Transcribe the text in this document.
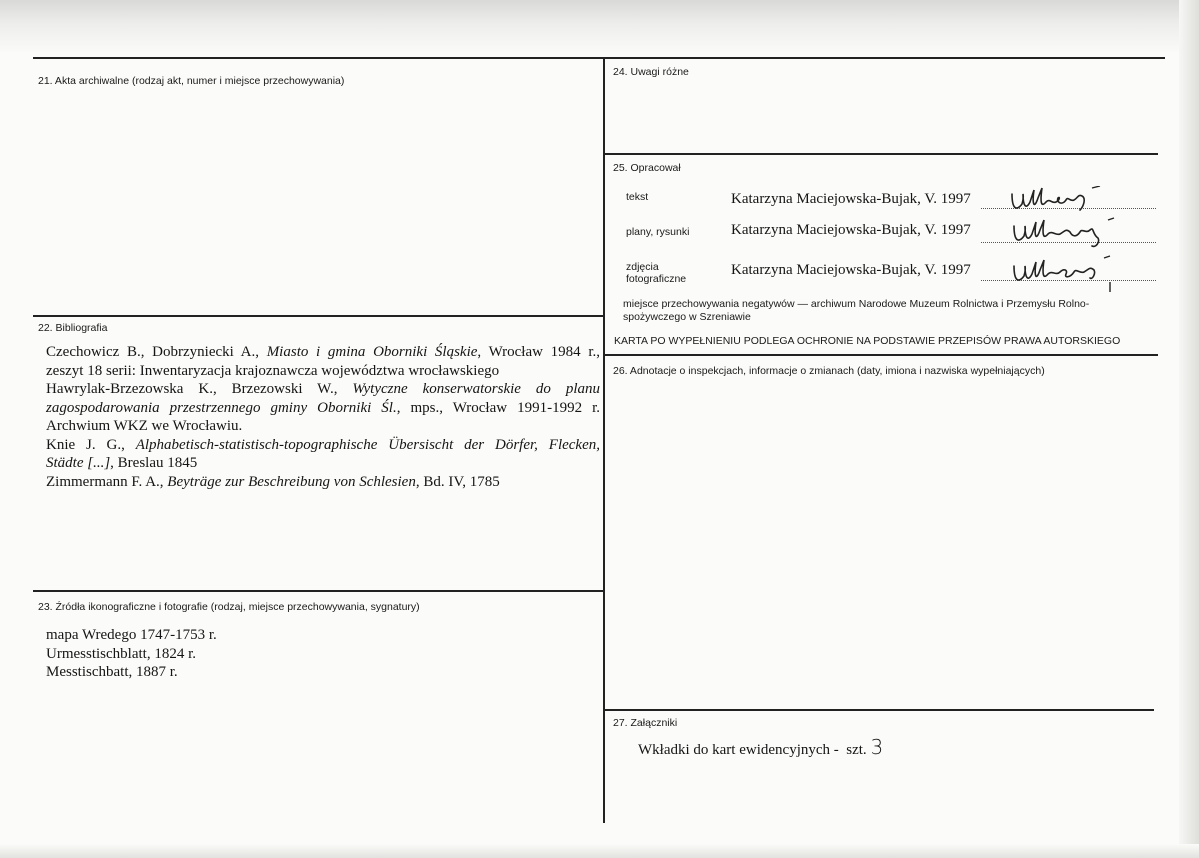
21. Akta archiwalne (rodzaj akt, numer i miejsce przechowywania)
22. Bibliografia
Czechowicz B., Dobrzyniecki A., Miasto i gmina Oborniki Śląskie, Wrocław 1984 r.,
zeszyt 18 serii: Inwentaryzacja krajoznawcza województwa wrocławskiego
Hawrylak-Brzezowska K., Brzezowski W., Wytyczne konserwatorskie do planu
zagospodarowania przestrzennego gminy Oborniki Śl., mps., Wrocław 1991-1992 r.
Archwium WKZ we Wrocławiu.
Knie J. G., Alphabetisch-statistisch-topographische Übersischt der Dörfer, Flecken,
Städte [...], Breslau 1845
Zimmermann F. A., Beyträge zur Beschreibung von Schlesien, Bd. IV, 1785
23. Źródła ikonograficzne i fotografie (rodzaj, miejsce przechowywania, sygnatury)
mapa Wredego 1747-1753 r.
Urmesstischblatt, 1824 r.
Messtischbatt, 1887 r.
24. Uwagi różne
25. Opracował
tekst	Katarzyna Maciejowska-Bujak, V. 1997
plany, rysunki	Katarzyna Maciejowska-Bujak, V. 1997
zdjęcia
fotograficzne
Katarzyna Maciejowska-Bujak, V. 1997
miejsce przechowywania negatywów — archiwum Narodowe Muzeum Rolnictwa i Przemysłu Rolno-
spożywczego w Szreniawie
KARTA PO WYPEŁNIENIU PODLEGA OCHRONIE NA PODSTAWIE PRZEPISÓW PRAWA AUTORSKIEGO
26. Adnotacje o inspekcjach, informacje o zmianach (daty, imiona i nazwiska wypełniających)
27. Załączniki
Wkładki do kart ewidencyjnych -  szt. 3
